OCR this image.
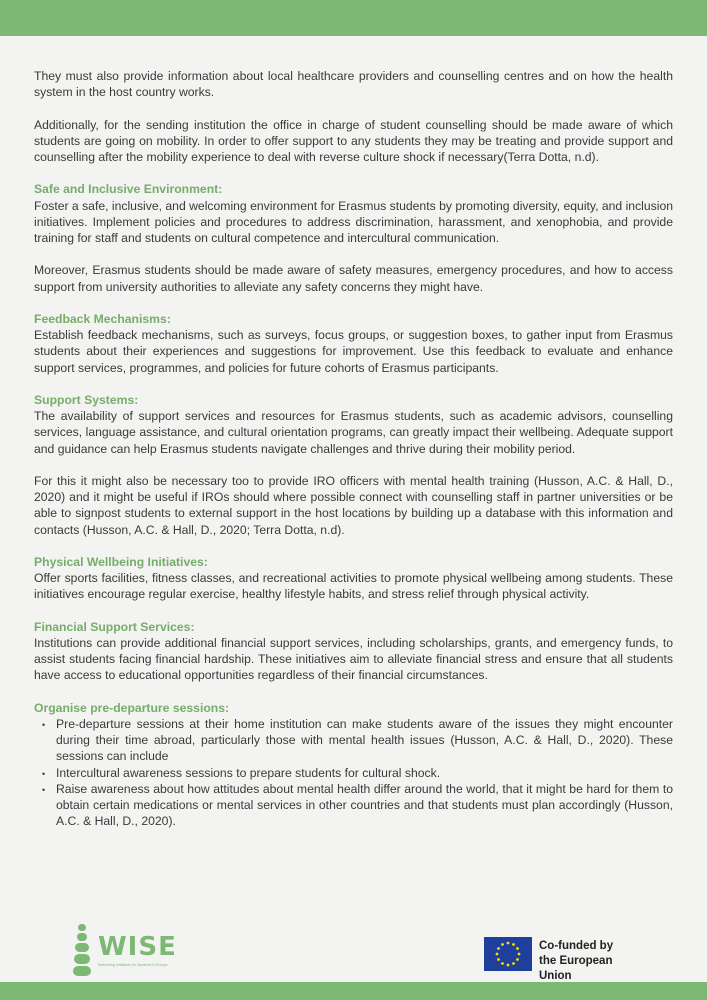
They must also provide information about local healthcare providers and counselling centres and on how the health system in the host country works.

Additionally, for the sending institution the office in charge of student counselling should be made aware of which students are going on mobility. In order to offer support to any students they may be treating and provide support and counselling after the mobility experience to deal with reverse culture shock if necessary(Terra Dotta, n.d).

Safe and Inclusive Environment:

Foster a safe, inclusive, and welcoming environment for Erasmus students by promoting diversity, equity, and inclusion initiatives. Implement policies and procedures to address discrimination, harassment, and xenophobia, and provide training for staff and students on cultural competence and intercultural communication.

Moreover, Erasmus students should be made aware of safety measures, emergency procedures, and how to access support from university authorities to alleviate any safety concerns they might have.

Feedback Mechanisms:

Establish feedback mechanisms, such as surveys, focus groups, or suggestion boxes, to gather input from Erasmus students about their experiences and suggestions for improvement. Use this feedback to evaluate and enhance support services, programmes, and policies for future cohorts of Erasmus participants.

Support Systems:

The availability of support services and resources for Erasmus students, such as academic advisors, counselling services, language assistance, and cultural orientation programs, can greatly impact their wellbeing. Adequate support and guidance can help Erasmus students navigate challenges and thrive during their mobility period.

For this it might also be necessary too to provide IRO officers with mental health training (Husson, A.C. & Hall, D., 2020) and it might be useful if IROs should where possible connect with counselling staff in partner universities or be able to signpost students to external support in the host locations by building up a database with this information and contacts (Husson, A.C. & Hall, D., 2020; Terra Dotta, n.d).

Physical Wellbeing Initiatives:

Offer sports facilities, fitness classes, and recreational activities to promote physical wellbeing among students. These initiatives encourage regular exercise, healthy lifestyle habits, and stress relief through physical activity.

Financial Support Services:

Institutions can provide additional financial support services, including scholarships, grants, and emergency funds, to assist students facing financial hardship. These initiatives aim to alleviate financial stress and ensure that all students have access to educational opportunities regardless of their financial circumstances.

Organise pre-departure sessions:
• Pre-departure sessions at their home institution can make students aware of the issues they might encounter during their time abroad, particularly those with mental health issues (Husson, A.C. & Hall, D., 2020). These sessions can include
• Intercultural awareness sessions to prepare students for cultural shock.
• Raise awareness about how attitudes about mental health differ around the world, that it might be hard for them to obtain certain medications or mental services in other countries and that students must plan accordingly (Husson, A.C. & Hall, D., 2020).
WISE
Well-being Initiatives for Students in Europe
Co-funded by
the European Union
